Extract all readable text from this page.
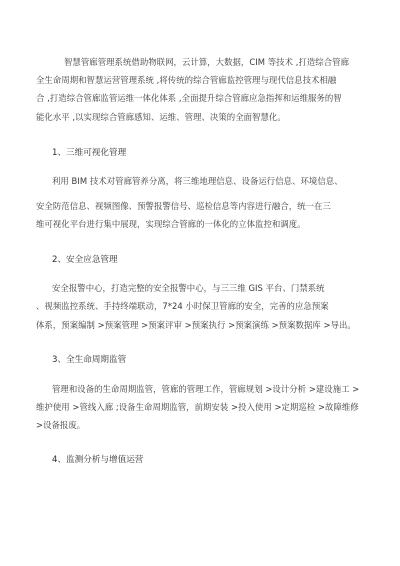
智慧管廊管理系统借助物联网，云计算，大数据，CIM 等技术 ,打造综合管廊
全生命周期和智慧运营管理系统 ,将传统的综合管廊监控管理与现代信息技术相融
合 ,打造综合管廊监管运维一体化体系 ,全面提升综合管廊应急指挥和运维服务的智
能化水平 ,以实现综合管廊感知、运维、管理、决策的全面智慧化。
1、三维可视化管理
利用 BIM 技术对管廊管养分离，将三维地理信息、设备运行信息、环境信息、
安全防范信息、视频图像、预警报警信号、巡检信息等内容进行融合，统一在三
维可视化平台进行集中展现，实现综合管廊的一体化的立体监控和调度。
2、安全应急管理
安全报警中心，打造完整的安全报警中心，与三三维 GIS 平台、门禁系统
、视频监控系统、手持终端联动，7*24 小时保卫管廊的安全，完善的应急预案
体系，预案编制 >预案管理 >预案评审 >预案执行 >预案演练 >预案数据库 >导出。
3、全生命周期监管
管理和设备的生命周期监管，管廊的管理工作，管廊规划 >设计分析 >建设施工 >
维护使用 >管线入廊 ;设备生命周期监管，前期安装 >投入使用 >定期巡检 >故障维修
>设备报废。
4、监测分析与增值运营
